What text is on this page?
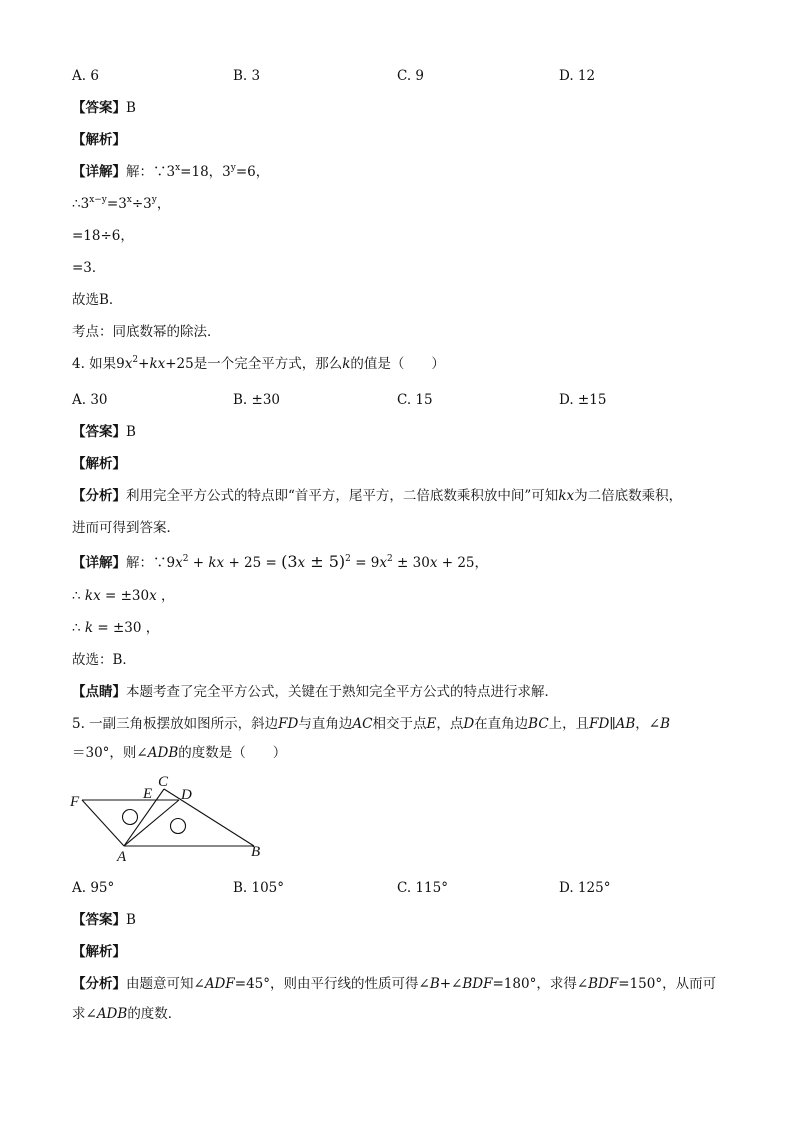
A. 6	B. 3	C. 9	D. 12
【答案】B
【解析】
【详解】解：$\because 3^x=18$，$3^y=6$，
$\therefore 3^{x-y}=3^x\div 3^y$，
=18÷6，
=3．
故选B．
考点：同底数幂的除法．
4. 如果$9x^2+kx+25$是一个完全平方式，那么k的值是（　　）
A. 30	B. ±30	C. 15	D. ±15
【答案】B
【解析】
【分析】利用完全平方公式的特点即“首平方，尾平方，二倍底数乘积放中间”可知kx为二倍底数乘积，
进而可得到答案．
【详解】解：$\because 9x^2$ + kx + $25 = (3x \pm 5)^2 = 9x^2 \pm 30x + 25$，
∴ kx = ±30x ，
∴ k = ±30 ，
故选：B．
【点睛】本题考查了完全平方公式，关键在于熟知完全平方公式的特点进行求解．
5. 一副三角板摆放如图所示，斜边FD与直角边AC相交于点E，点D在直角边BC上，且FD∥AB，∠B
＝30°，则∠ADB的度数是（　　）
F	E
C
D
A	B
A. 95°	B. 105°	C. 115°	D. 125°
【答案】B
【解析】
【分析】由题意可知∠ADF=45°，则由平行线的性质可得∠B+∠BDF=180°，求得∠BDF=150°，从而可
求∠ADB的度数．
